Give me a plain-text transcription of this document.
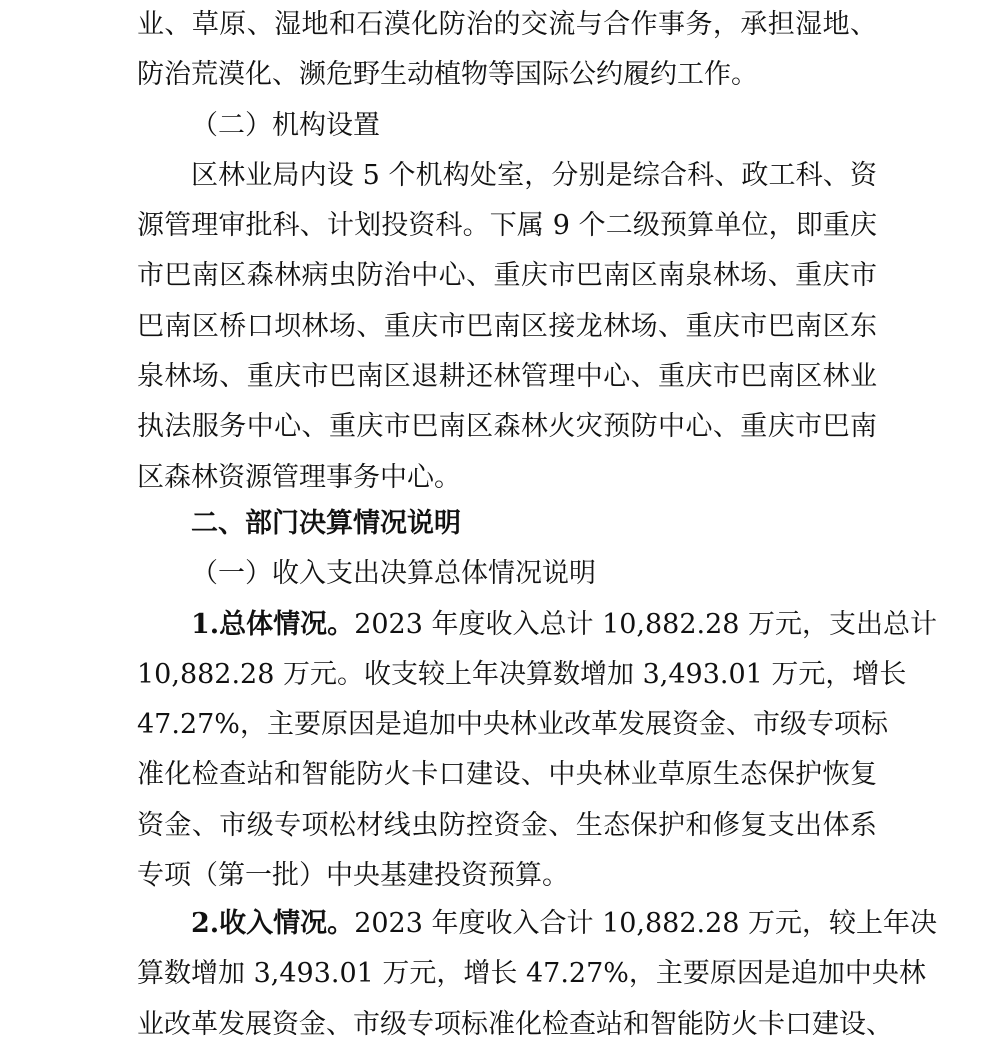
业、草原、湿地和石漠化防治的交流与合作事务，承担湿地、
防治荒漠化、濒危野生动植物等国际公约履约工作。
（二）机构设置
区林业局内设 5 个机构处室，分别是综合科、政工科、资
源管理审批科、计划投资科。下属 9 个二级预算单位，即重庆
市巴南区森林病虫防治中心、重庆市巴南区南泉林场、重庆市
巴南区桥口坝林场、重庆市巴南区接龙林场、重庆市巴南区东
泉林场、重庆市巴南区退耕还林管理中心、重庆市巴南区林业
执法服务中心、重庆市巴南区森林火灾预防中心、重庆市巴南
区森林资源管理事务中心。
二、部门决算情况说明
（一）收入支出决算总体情况说明
1.总体情况。2023 年度收入总计 10,882.28 万元，支出总计
10,882.28 万元。收支较上年决算数增加 3,493.01 万元，增长
47.27%，主要原因是追加中央林业改革发展资金、市级专项标
准化检查站和智能防火卡口建设、中央林业草原生态保护恢复
资金、市级专项松材线虫防控资金、生态保护和修复支出体系
专项（第一批）中央基建投资预算。
2.收入情况。2023 年度收入合计 10,882.28 万元，较上年决
算数增加 3,493.01 万元，增长 47.27%，主要原因是追加中央林
业改革发展资金、市级专项标准化检查站和智能防火卡口建设、
